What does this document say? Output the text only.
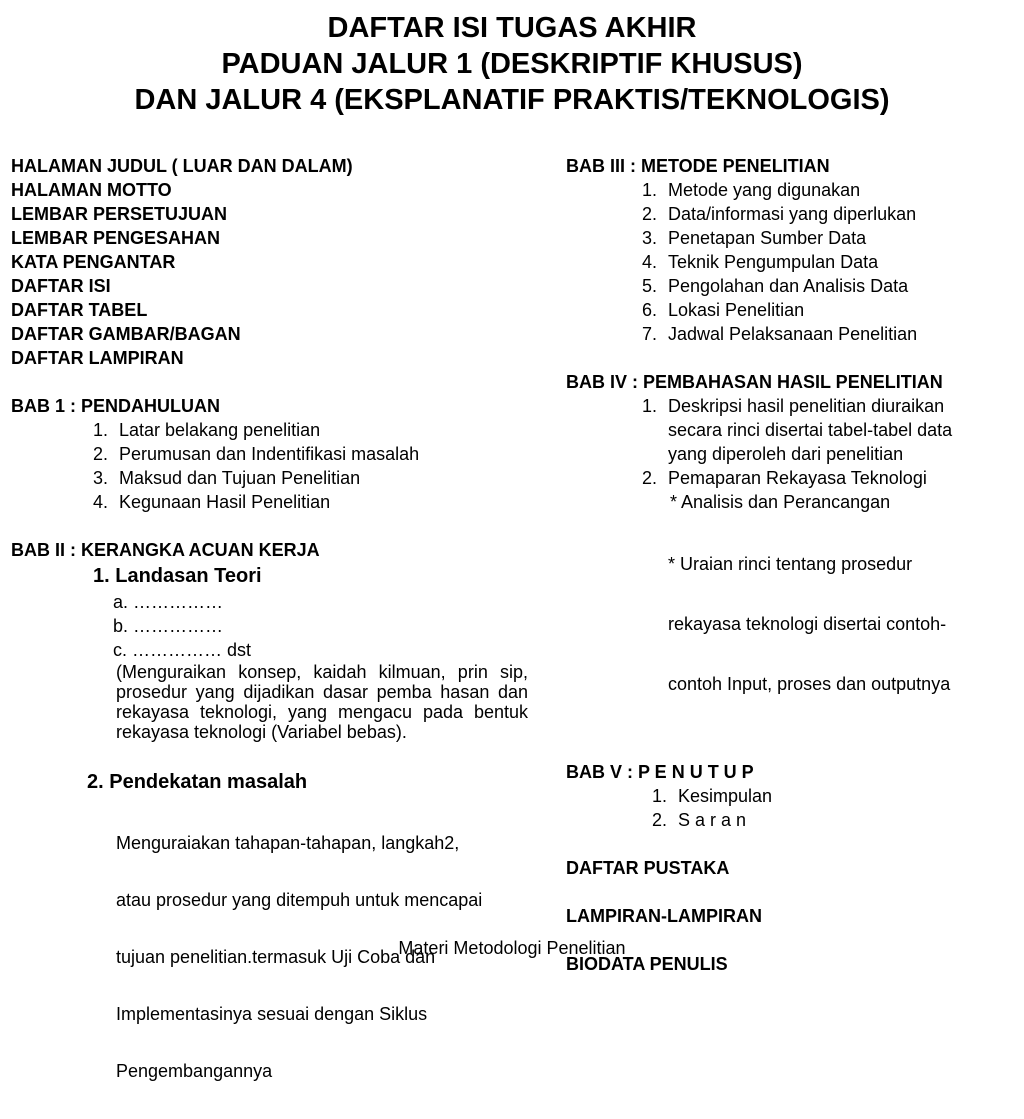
DAFTAR ISI TUGAS AKHIR
PADUAN JALUR 1 (DESKRIPTIF KHUSUS)
DAN JALUR 4 (EKSPLANATIF PRAKTIS/TEKNOLOGIS)
HALAMAN JUDUL ( LUAR DAN DALAM)
HALAMAN MOTTO
LEMBAR PERSETUJUAN
LEMBAR PENGESAHAN
KATA PENGANTAR
DAFTAR ISI
DAFTAR TABEL
DAFTAR GAMBAR/BAGAN
DAFTAR LAMPIRAN
BAB 1 : PENDAHULUAN
1. Latar belakang penelitian
2. Perumusan dan Indentifikasi masalah
3. Maksud dan Tujuan Penelitian
4. Kegunaan Hasil Penelitian
BAB II : KERANGKA ACUAN KERJA
1. Landasan Teori
a. ……………
b. ……………
c. …………… dst
(Menguraikan konsep, kaidah kilmuan, prin sip, prosedur yang dijadikan dasar pemba hasan dan rekayasa teknologi, yang mengacu pada bentuk rekayasa teknologi (Variabel bebas).
2. Pendekatan masalah

Menguraiakan tahapan-tahapan, langkah2,

atau prosedur yang ditempuh untuk mencapai

tujuan penelitian.termasuk Uji Coba dan

Implementasinya sesuai dengan Siklus

Pengembangannya

BAB III : METODE PENELITIAN
1. Metode yang digunakan
2. Data/informasi yang diperlukan
3. Penetapan Sumber Data
4. Teknik Pengumpulan Data
5. Pengolahan dan Analisis Data
6. Lokasi Penelitian
7. Jadwal Pelaksanaan Penelitian
BAB IV : PEMBAHASAN HASIL PENELITIAN
1. Deskripsi hasil penelitian diuraikan
secara rinci disertai tabel-tabel data
yang diperoleh dari penelitian
2. Pemaparan Rekayasa Teknologi
* Analisis dan Perancangan

* Uraian rinci tentang prosedur

rekayasa teknologi disertai contoh-

contoh Input, proses dan outputnya

BAB V : P E N U T U P
1. Kesimpulan
2. S a r a n
DAFTAR PUSTAKA
LAMPIRAN-LAMPIRAN
BIODATA PENULIS
Materi Metodologi Penelitian
